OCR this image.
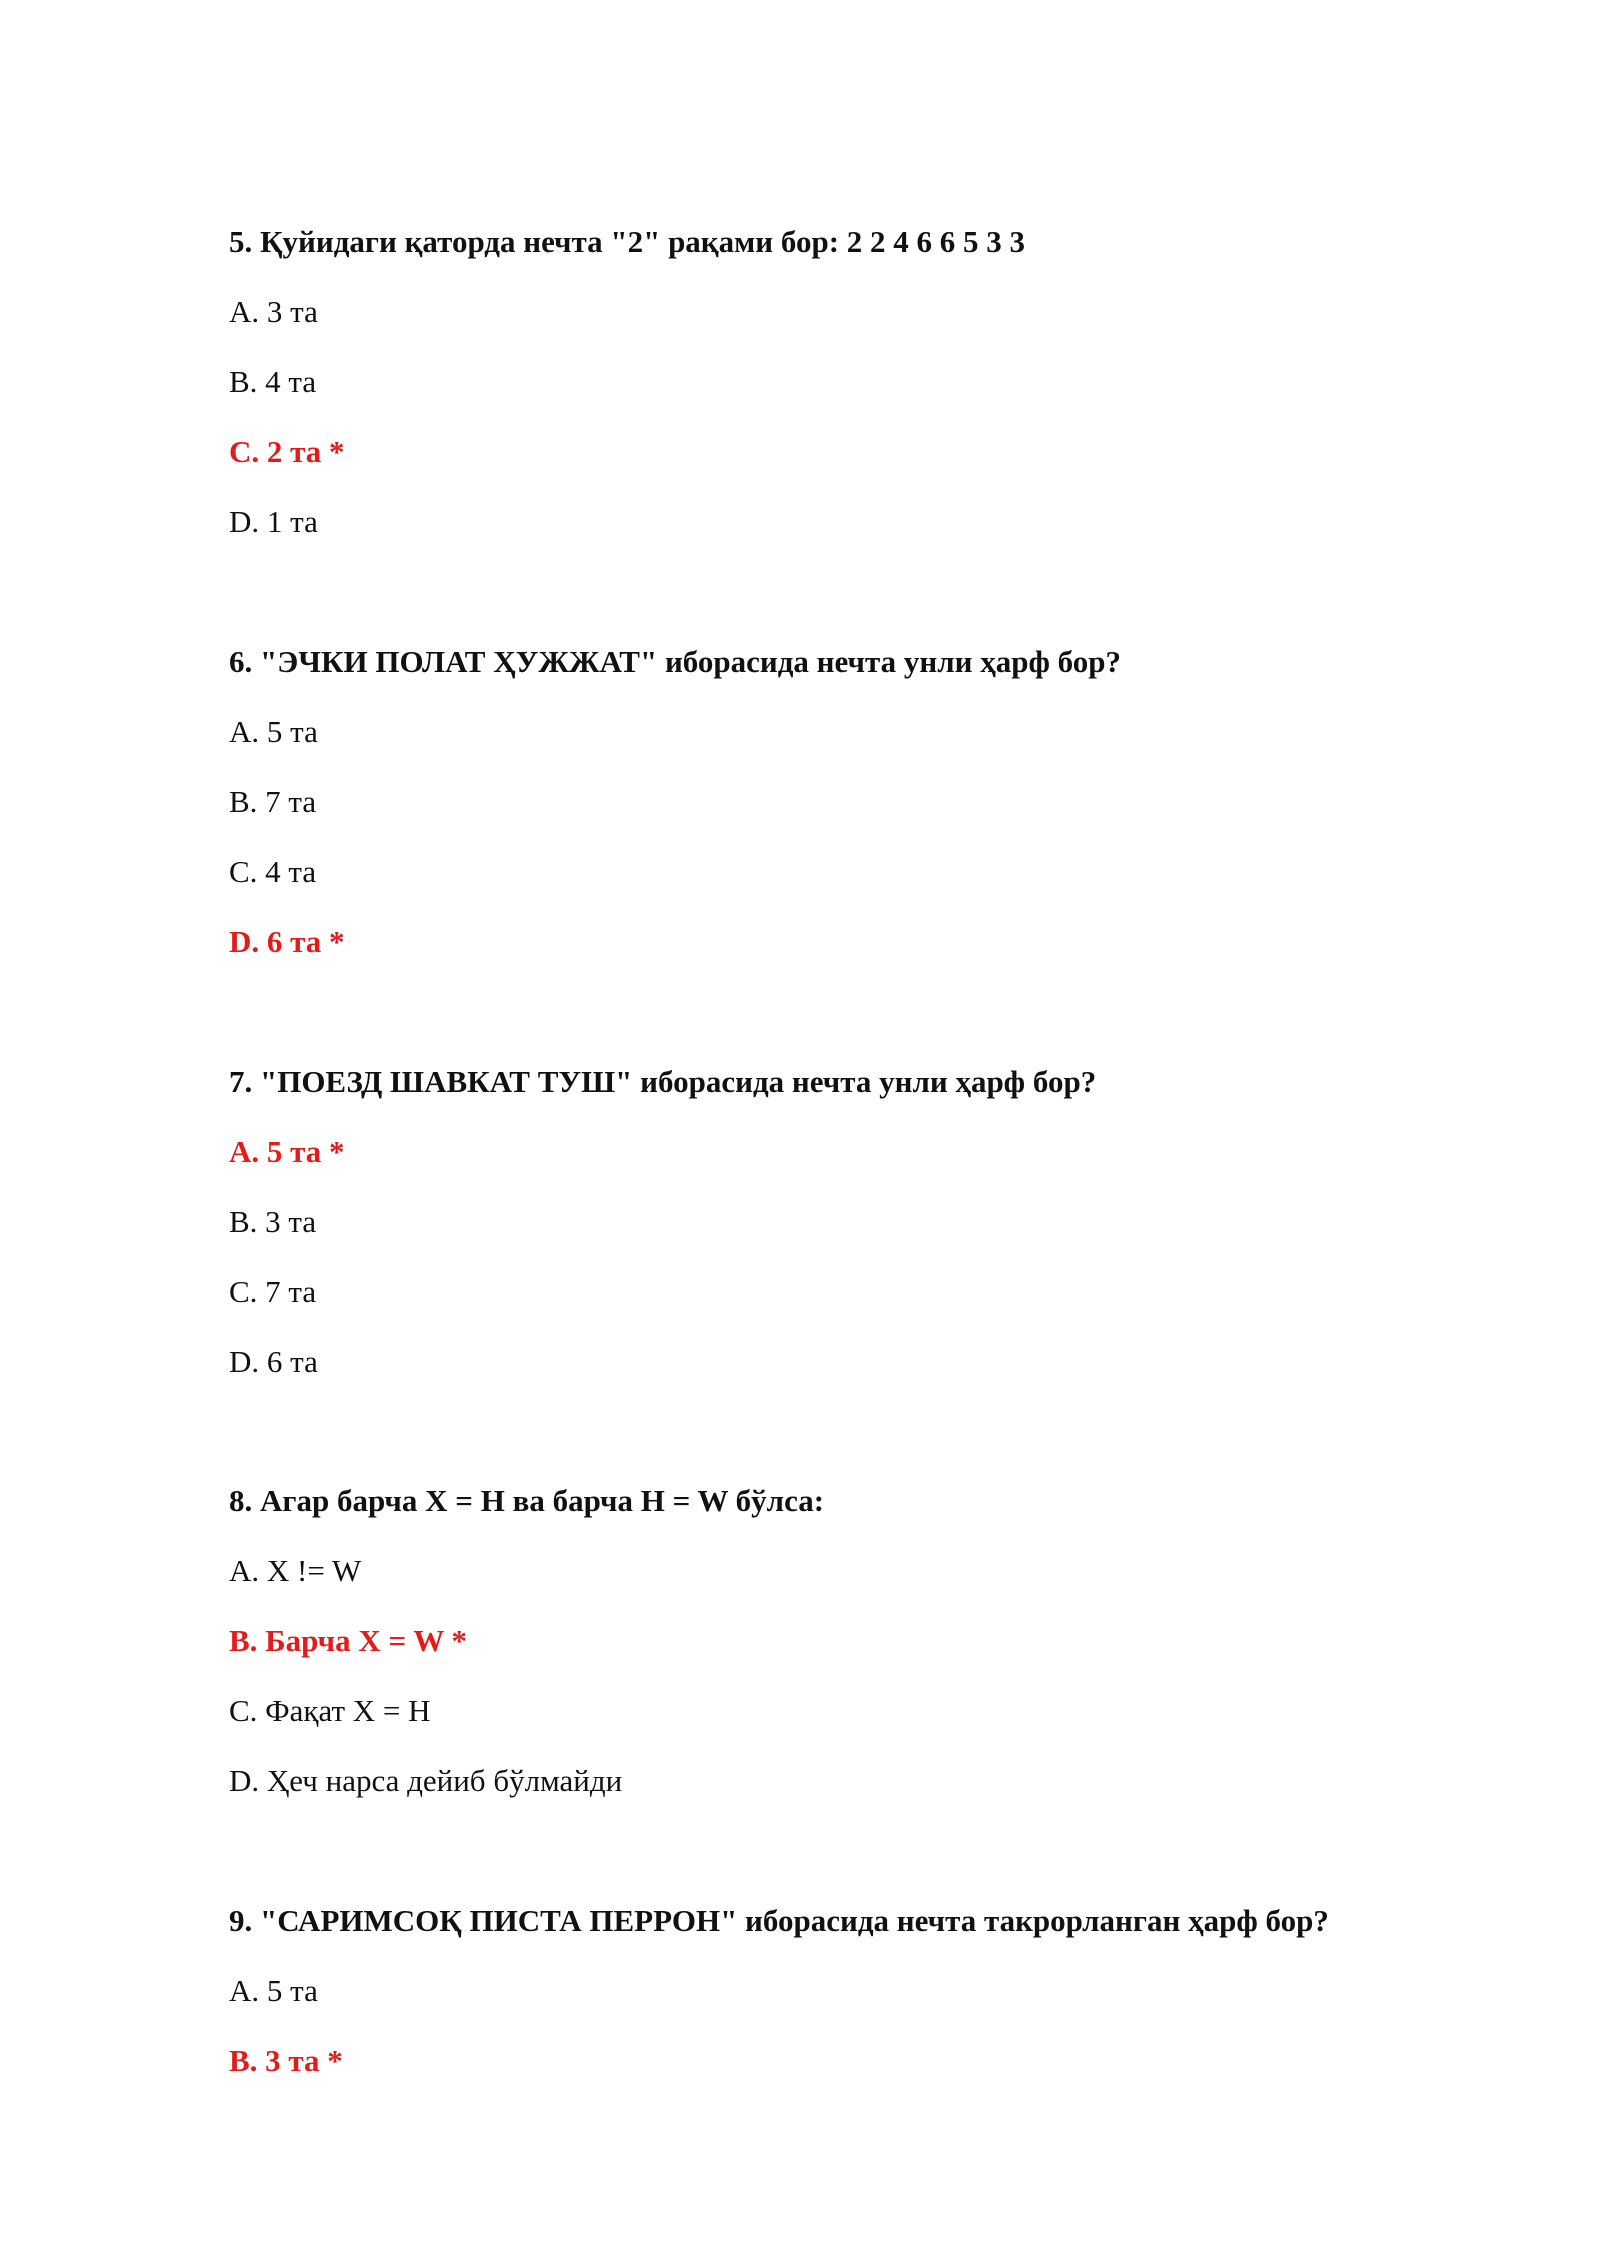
5. Қуйидаги қаторда нечта "2" рақами бор: 2 2 4 6 6 5 3 3
A. 3 та
B. 4 та
C. 2 та *
D. 1 та
6. "ЭЧКИ ПОЛАТ ҲУЖЖАТ" иборасида нечта унли ҳарф бор?
A. 5 та
B. 7 та
C. 4 та
D. 6 та *
7. "ПОЕЗД ШАВКАТ ТУШ" иборасида нечта унли ҳарф бор?
A. 5 та *
B. 3 та
C. 7 та
D. 6 та
8. Агар барча X = H ва барча H = W бўлса:
A. X != W
B. Барча X = W *
C. Фақат X = H
D. Ҳеч нарса дейиб бўлмайди
9. "САРИМСОҚ ПИСТА ПЕРРОН" иборасида нечта такрорланган ҳарф бор?
A. 5 та
B. 3 та *
